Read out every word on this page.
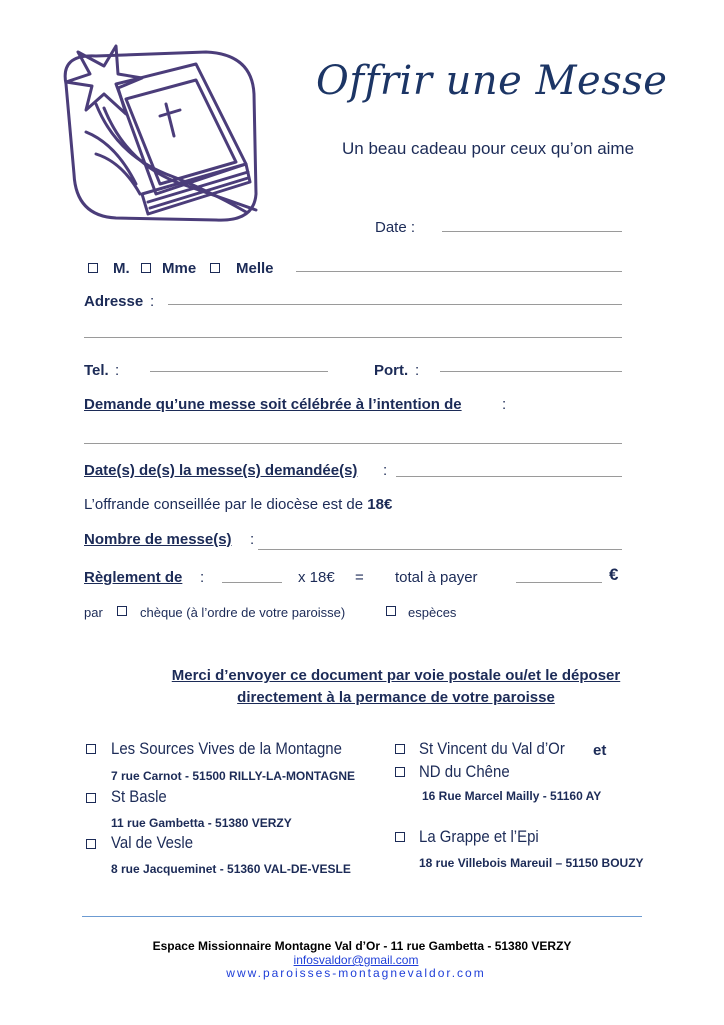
Offrir une Messe
Un beau cadeau pour ceux qu’on aime
Date :
M. Mme	Melle
Adresse :
Tel. :	Port. :
Demande qu’une messe soit célébrée à l’intention de	:
Date(s) de(s) la messe(s) demandée(s) :
L’offrande conseillée par le diocèse est de 18€
Nombre de messe(s) :
Règlement de :	x 18€ = total à payer	€
par	chèque (à l’ordre de votre paroisse)	espèces
Merci d’envoyer ce document par voie postale ou/et le déposer
directement à la permance de votre paroisse
Les Sources Vives de la Montagne
7 rue Carnot - 51500 RILLY-LA-MONTAGNE
St Basle
11 rue Gambetta - 51380 VERZY
Val de Vesle
8 rue Jacqueminet - 51360 VAL-DE-VESLE
St Vincent du Val d’Or et
ND du Chêne
16 Rue Marcel Mailly - 51160 AY
La Grappe et l’Epi
18 rue Villebois Mareuil – 51150 BOUZY
Espace Missionnaire Montagne Val d’Or - 11 rue Gambetta - 51380 VERZY
infosvaldor@gmail.com
www.paroisses-montagnevaldor.com
